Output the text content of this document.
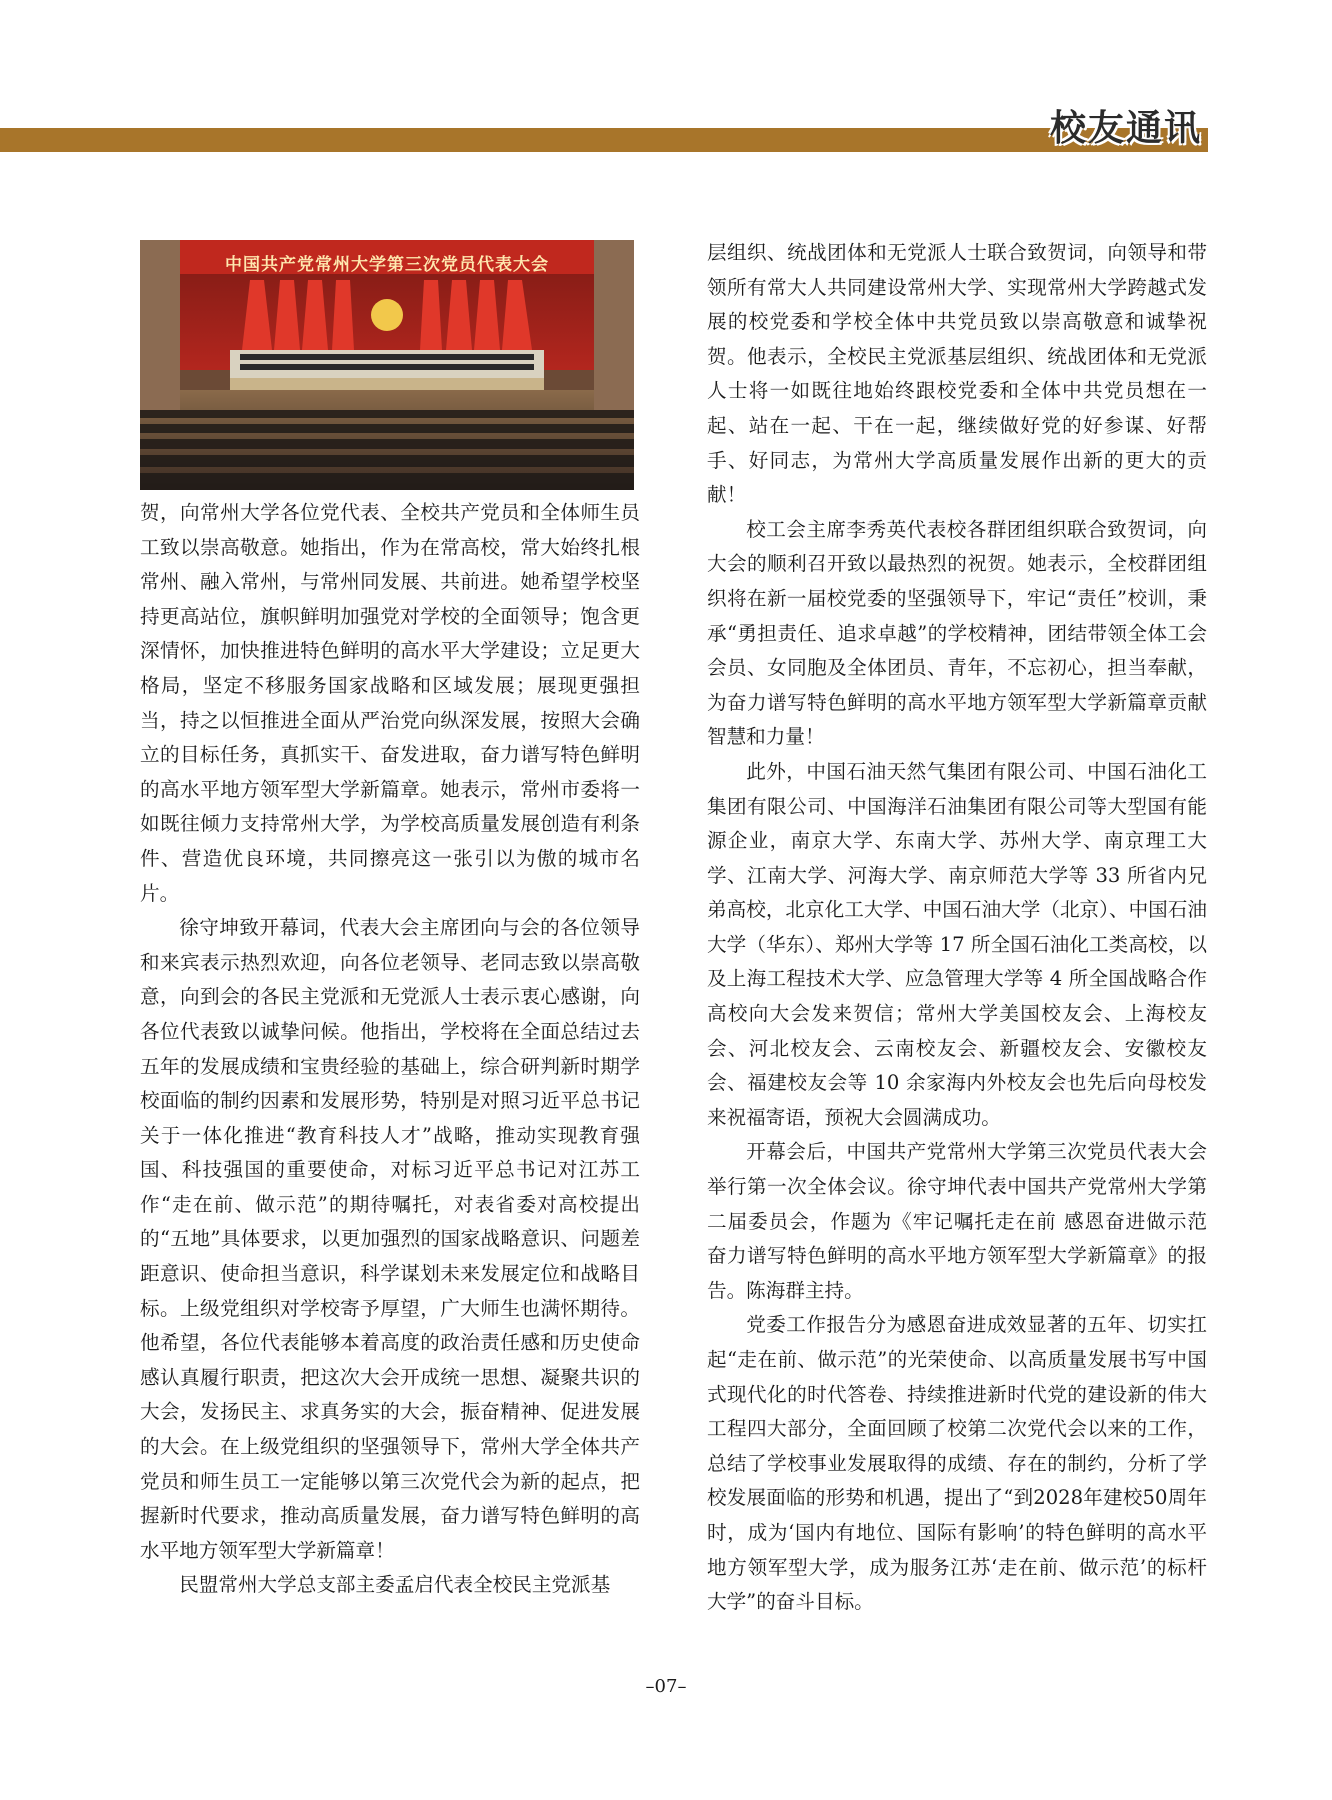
校友通讯
中国共产党常州大学第三次党员代表大会

贺，向常州大学各位党代表、全校共产党员和全体师生员工致以崇高敬意。她指出，作为在常高校，常大始终扎根常州、融入常州，与常州同发展、共前进。她希望学校坚持更高站位，旗帜鲜明加强党对学校的全面领导；饱含更深情怀，加快推进特色鲜明的高水平大学建设；立足更大格局，坚定不移服务国家战略和区域发展；展现更强担当，持之以恒推进全面从严治党向纵深发展，按照大会确立的目标任务，真抓实干、奋发进取，奋力谱写特色鲜明的高水平地方领军型大学新篇章。她表示，常州市委将一如既往倾力支持常州大学，为学校高质量发展创造有利条件、营造优良环境，共同擦亮这一张引以为傲的城市名片。

徐守坤致开幕词，代表大会主席团向与会的各位领导和来宾表示热烈欢迎，向各位老领导、老同志致以崇高敬意，向到会的各民主党派和无党派人士表示衷心感谢，向各位代表致以诚挚问候。他指出，学校将在全面总结过去五年的发展成绩和宝贵经验的基础上，综合研判新时期学校面临的制约因素和发展形势，特别是对照习近平总书记关于一体化推进“教育科技人才”战略，推动实现教育强国、科技强国的重要使命，对标习近平总书记对江苏工作“走在前、做示范”的期待嘱托，对表省委对高校提出的“五地”具体要求，以更加强烈的国家战略意识、问题差距意识、使命担当意识，科学谋划未来发展定位和战略目标。上级党组织对学校寄予厚望，广大师生也满怀期待。他希望，各位代表能够本着高度的政治责任感和历史使命感认真履行职责，把这次大会开成统一思想、凝聚共识的大会，发扬民主、求真务实的大会，振奋精神、促进发展的大会。在上级党组织的坚强领导下，常州大学全体共产党员和师生员工一定能够以第三次党代会为新的起点，把握新时代要求，推动高质量发展，奋力谱写特色鲜明的高水平地方领军型大学新篇章！

民盟常州大学总支部主委孟启代表全校民主党派基

层组织、统战团体和无党派人士联合致贺词，向领导和带领所有常大人共同建设常州大学、实现常州大学跨越式发展的校党委和学校全体中共党员致以崇高敬意和诚挚祝贺。他表示，全校民主党派基层组织、统战团体和无党派人士将一如既往地始终跟校党委和全体中共党员想在一起、站在一起、干在一起，继续做好党的好参谋、好帮手、好同志，为常州大学高质量发展作出新的更大的贡献！

校工会主席李秀英代表校各群团组织联合致贺词，向大会的顺利召开致以最热烈的祝贺。她表示，全校群团组织将在新一届校党委的坚强领导下，牢记“责任”校训，秉承“勇担责任、追求卓越”的学校精神，团结带领全体工会会员、女同胞及全体团员、青年，不忘初心，担当奉献，为奋力谱写特色鲜明的高水平地方领军型大学新篇章贡献智慧和力量！

此外，中国石油天然气集团有限公司、中国石油化工集团有限公司、中国海洋石油集团有限公司等大型国有能源企业，南京大学、东南大学、苏州大学、南京理工大学、江南大学、河海大学、南京师范大学等 33 所省内兄弟高校，北京化工大学、中国石油大学（北京）、中国石油大学（华东）、郑州大学等 17 所全国石油化工类高校，以及上海工程技术大学、应急管理大学等 4 所全国战略合作高校向大会发来贺信；常州大学美国校友会、上海校友会、河北校友会、云南校友会、新疆校友会、安徽校友会、福建校友会等 10 余家海内外校友会也先后向母校发来祝福寄语，预祝大会圆满成功。

开幕会后，中国共产党常州大学第三次党员代表大会举行第一次全体会议。徐守坤代表中国共产党常州大学第二届委员会，作题为《牢记嘱托走在前 感恩奋进做示范　奋力谱写特色鲜明的高水平地方领军型大学新篇章》的报告。陈海群主持。

党委工作报告分为感恩奋进成效显著的五年、切实扛起“走在前、做示范”的光荣使命、以高质量发展书写中国式现代化的时代答卷、持续推进新时代党的建设新的伟大工程四大部分，全面回顾了校第二次党代会以来的工作，总结了学校事业发展取得的成绩、存在的制约，分析了学校发展面临的形势和机遇，提出了“到2028年建校50周年时，成为‘国内有地位、国际有影响’的特色鲜明的高水平地方领军型大学，成为服务江苏‘走在前、做示范’的标杆大学”的奋斗目标。

–07–
